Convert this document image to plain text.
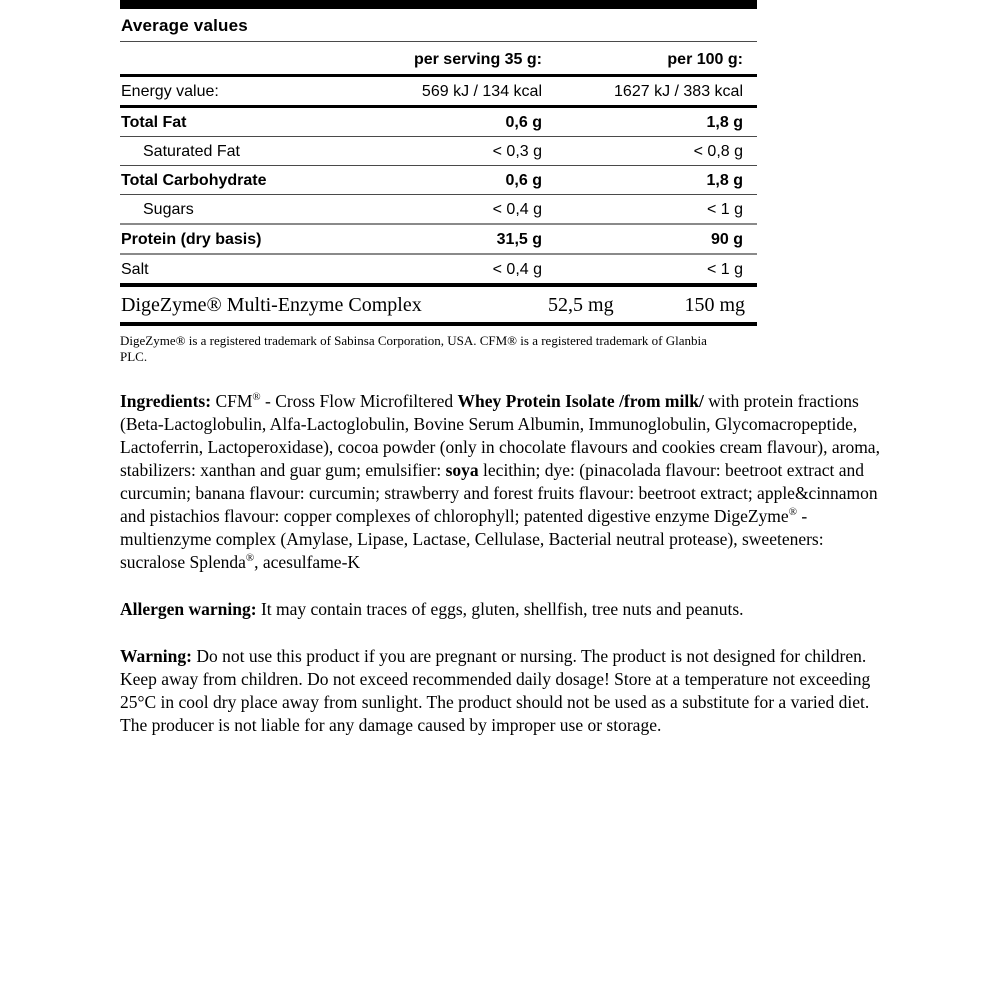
Average values
per serving 35 g:	per 100 g:
Energy value:	569 kJ / 134 kcal	1627 kJ / 383 kcal
Total Fat	0,6 g	1,8 g
Saturated Fat	< 0,3 g	< 0,8 g
Total Carbohydrate	0,6 g	1,8 g
Sugars	< 0,4 g	< 1 g
Protein (dry basis)	31,5 g	90 g
Salt	< 0,4 g	< 1 g
DigeZyme® Multi-Enzyme Complex	52,5 mg	150 mg
DigeZyme® is a registered trademark of Sabinsa Corporation, USA. CFM® is a registered trademark of Glanbia
PLC.

Ingredients: CFM® - Cross Flow Microfiltered Whey Protein Isolate /from milk/ with protein fractions (Beta-Lactoglobulin, Alfa-Lactoglobulin, Bovine Serum Albumin, Immunoglobulin, Glycomacropeptide, Lactoferrin, Lactoperoxidase), cocoa powder (only in chocolate flavours and cookies cream flavour), aroma, stabilizers: xanthan and guar gum; emulsifier: soya lecithin; dye: (pinacolada flavour: beetroot extract and curcumin; banana flavour: curcumin; strawberry and forest fruits flavour: beetroot extract; apple&cinnamon and pistachios flavour: copper complexes of chlorophyll; patented digestive enzyme DigeZyme® - multienzyme complex (Amylase, Lipase, Lactase, Cellulase, Bacterial neutral protease), sweeteners: sucralose Splenda®, acesulfame-K

Allergen warning: It may contain traces of eggs, gluten, shellfish, tree nuts and peanuts.

Warning: Do not use this product if you are pregnant or nursing. The product is not designed for children. Keep away from children. Do not exceed recommended daily dosage! Store at a temperature not exceeding 25°C in cool dry place away from sunlight. The product should not be used as a substitute for a varied diet. The producer is not liable for any damage caused by improper use or storage.
